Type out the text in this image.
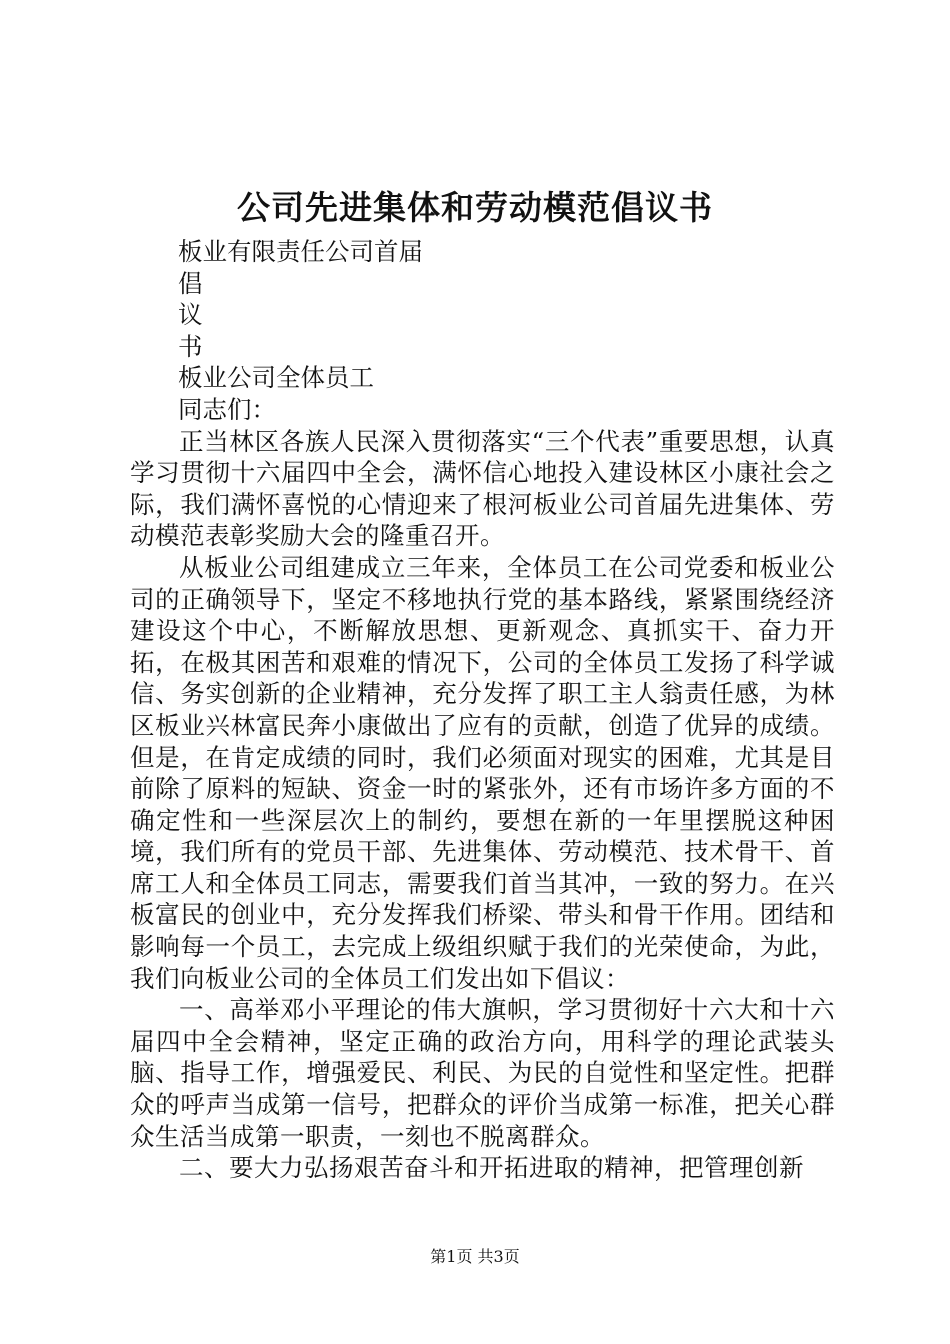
公司先进集体和劳动模范倡议书
板业有限责任公司首届
倡
议
书
板业公司全体员工
同志们：

正当林区各族人民深入贯彻落实“三个代表”重要思想，认真学习贯彻十六届四中全会，满怀信心地投入建设林区小康社会之际，我们满怀喜悦的心情迎来了根河板业公司首届先进集体、劳动模范表彰奖励大会的隆重召开。

从板业公司组建成立三年来，全体员工在公司党委和板业公司的正确领导下，坚定不移地执行党的基本路线，紧紧围绕经济建设这个中心，不断解放思想、更新观念、真抓实干、奋力开拓，在极其困苦和艰难的情况下，公司的全体员工发扬了科学诚信、务实创新的企业精神，充分发挥了职工主人翁责任感，为林区板业兴林富民奔小康做出了应有的贡献，创造了优异的成绩。但是，在肯定成绩的同时，我们必须面对现实的困难，尤其是目前除了原料的短缺、资金一时的紧张外，还有市场许多方面的不确定性和一些深层次上的制约，要想在新的一年里摆脱这种困境，我们所有的党员干部、先进集体、劳动模范、技术骨干、首席工人和全体员工同志，需要我们首当其冲，一致的努力。在兴板富民的创业中，充分发挥我们桥梁、带头和骨干作用。团结和影响每一个员工，去完成上级组织赋于我们的光荣使命，为此，我们向板业公司的全体员工们发出如下倡议：

一、高举邓小平理论的伟大旗帜，学习贯彻好十六大和十六届四中全会精神，坚定正确的政治方向，用科学的理论武装头脑、指导工作，增强爱民、利民、为民的自觉性和坚定性。把群众的呼声当成第一信号，把群众的评价当成第一标准，把关心群众生活当成第一职责，一刻也不脱离群众。

二、要大力弘扬艰苦奋斗和开拓进取的精神，把管理创新

第1页 共3页
